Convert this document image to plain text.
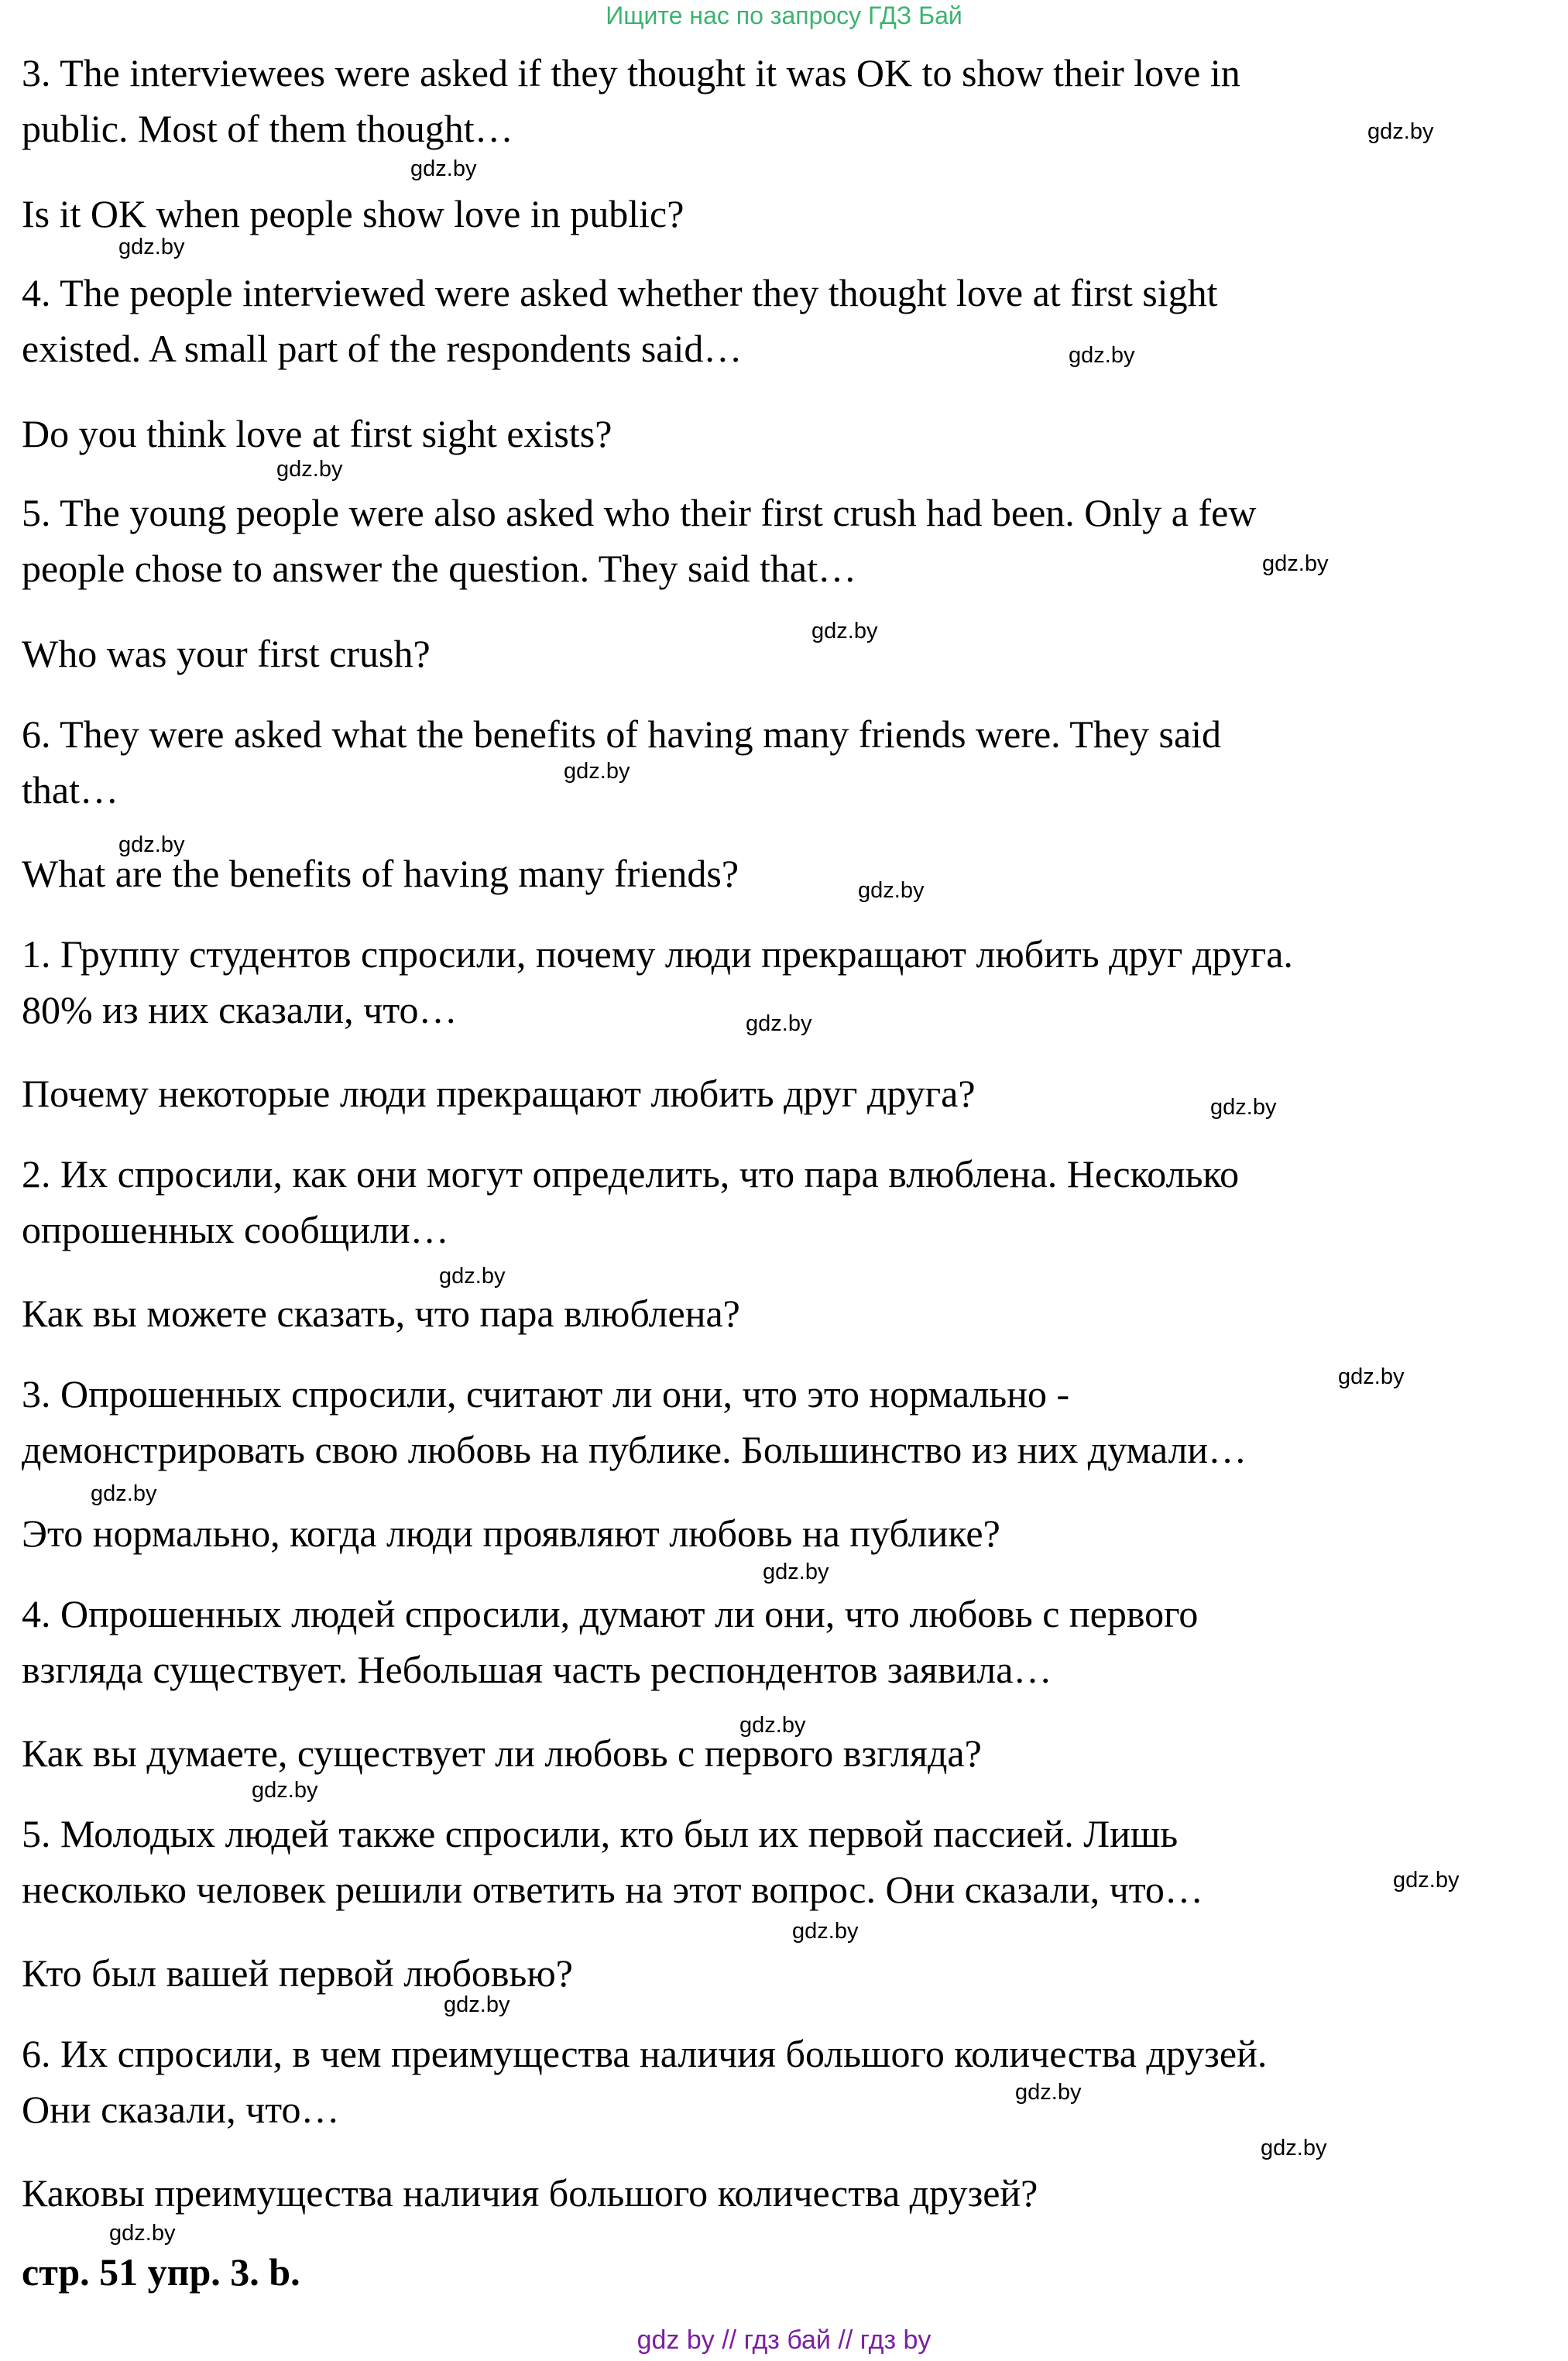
Ищите нас по запросу ГДЗ Бай

3. The interviewees were asked if they thought it was OK to show their love in
public. Most of them thought…

Is it OK when people show love in public?

4. The people interviewed were asked whether they thought love at first sight
existed. A small part of the respondents said…

Do you think love at first sight exists?

5. The young people were also asked who their first crush had been. Only a few
people chose to answer the question. They said that…

Who was your first crush?

6. They were asked what the benefits of having many friends were. They said
that…

What are the benefits of having many friends?

1. Группу студентов спросили, почему люди прекращают любить друг друга.
80% из них сказали, что…

Почему некоторые люди прекращают любить друг друга?

2. Их спросили, как они могут определить, что пара влюблена. Несколько
опрошенных сообщили…

Как вы можете сказать, что пара влюблена?

3. Опрошенных спросили, считают ли они, что это нормально -
демонстрировать свою любовь на публике. Большинство из них думали…

Это нормально, когда люди проявляют любовь на публике?

4. Опрошенных людей спросили, думают ли они, что любовь с первого
взгляда существует. Небольшая часть респондентов заявила…

Как вы думаете, существует ли любовь с первого взгляда?

5. Молодых людей также спросили, кто был их первой пассией. Лишь
несколько человек решили ответить на этот вопрос. Они сказали, что…

Кто был вашей первой любовью?

6. Их спросили, в чем преимущества наличия большого количества друзей.
Они сказали, что…

Каковы преимущества наличия большого количества друзей?

стр. 51 упр. 3. b.

gdz.by
gdz.by
gdz.by
gdz.by
gdz.by
gdz.by
gdz.by
gdz.by
gdz.by
gdz.by
gdz.by
gdz.by
gdz.by
gdz.by
gdz.by
gdz.by
gdz.by
gdz.by
gdz.by
gdz.by
gdz.by
gdz.by
gdz.by
gdz.by
gdz by // гдз бай // гдз by
